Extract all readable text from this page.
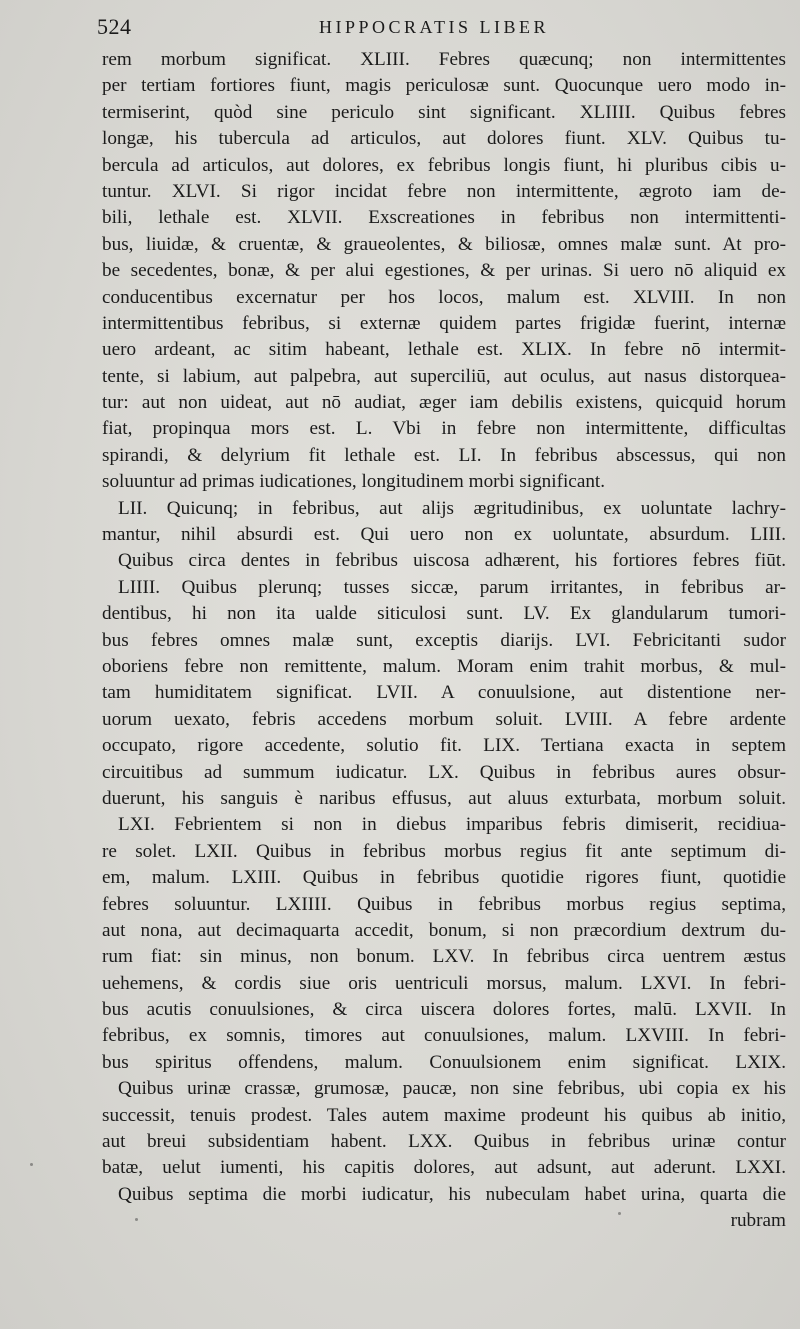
524	HIPPOCRATIS LIBER
rem morbum significat. XLIII. Febres quæcunq; non intermittentes
per tertiam fortiores fiunt, magis periculosæ sunt. Quocunque uero modo in-
termiserint, quòd sine periculo sint significant. XLIIII. Quibus febres
longæ, his tubercula ad articulos, aut dolores fiunt. XLV. Quibus tu-
bercula ad articulos, aut dolores, ex febribus longis fiunt, hi pluribus cibis u-
tuntur. XLVI. Si rigor incidat febre non intermittente, ægroto iam de-
bili, lethale est. XLVII. Exscreationes in febribus non intermittenti-
bus, liuidæ, & cruentæ, & graueolentes, & biliosæ, omnes malæ sunt. At pro-
be secedentes, bonæ, & per alui egestiones, & per urinas. Si uero nō aliquid ex
conducentibus excernatur per hos locos, malum est. XLVIII. In non
intermittentibus febribus, si externæ quidem partes frigidæ fuerint, internæ
uero ardeant, ac sitim habeant, lethale est. XLIX. In febre nō intermit-
tente, si labium, aut palpebra, aut superciliū, aut oculus, aut nasus distorquea-
tur: aut non uideat, aut nō audiat, æger iam debilis existens, quicquid horum
fiat, propinqua mors est. L. Vbi in febre non intermittente, difficultas
spirandi, & delyrium fit lethale est. LI. In febribus abscessus, qui non
soluuntur ad primas iudicationes, longitudinem morbi significant.
LII. Quicunq; in febribus, aut alijs ægritudinibus, ex uoluntate lachry-
mantur, nihil absurdi est. Qui uero non ex uoluntate, absurdum. LIII.
Quibus circa dentes in febribus uiscosa adhærent, his fortiores febres fiūt.
LIIII. Quibus plerunq; tusses siccæ, parum irritantes, in febribus ar-
dentibus, hi non ita ualde siticulosi sunt. LV. Ex glandularum tumori-
bus febres omnes malæ sunt, exceptis diarijs. LVI. Febricitanti sudor
oboriens febre non remittente, malum. Moram enim trahit morbus, & mul-
tam humiditatem significat. LVII. A conuulsione, aut distentione ner-
uorum uexato, febris accedens morbum soluit. LVIII. A febre ardente
occupato, rigore accedente, solutio fit. LIX. Tertiana exacta in septem
circuitibus ad summum iudicatur. LX. Quibus in febribus aures obsur-
duerunt, his sanguis è naribus effusus, aut aluus exturbata, morbum soluit.
LXI. Febrientem si non in diebus imparibus febris dimiserit, recidiua-
re solet. LXII. Quibus in febribus morbus regius fit ante septimum di-
em, malum. LXIII. Quibus in febribus quotidie rigores fiunt, quotidie
febres soluuntur. LXIIII. Quibus in febribus morbus regius septima,
aut nona, aut decimaquarta accedit, bonum, si non præcordium dextrum du-
rum fiat: sin minus, non bonum. LXV. In febribus circa uentrem æstus
uehemens, & cordis siue oris uentriculi morsus, malum. LXVI. In febri-
bus acutis conuulsiones, & circa uiscera dolores fortes, malū. LXVII. In
febribus, ex somnis, timores aut conuulsiones, malum. LXVIII. In febri-
bus spiritus offendens, malum. Conuulsionem enim significat. LXIX.
Quibus urinæ crassæ, grumosæ, paucæ, non sine febribus, ubi copia ex his
successit, tenuis prodest. Tales autem maxime prodeunt his quibus ab initio,
aut breui subsidentiam habent. LXX. Quibus in febribus urinæ contur
batæ, uelut iumenti, his capitis dolores, aut adsunt, aut aderunt. LXXI.
Quibus septima die morbi iudicatur, his nubeculam habet urina, quarta die
rubram
